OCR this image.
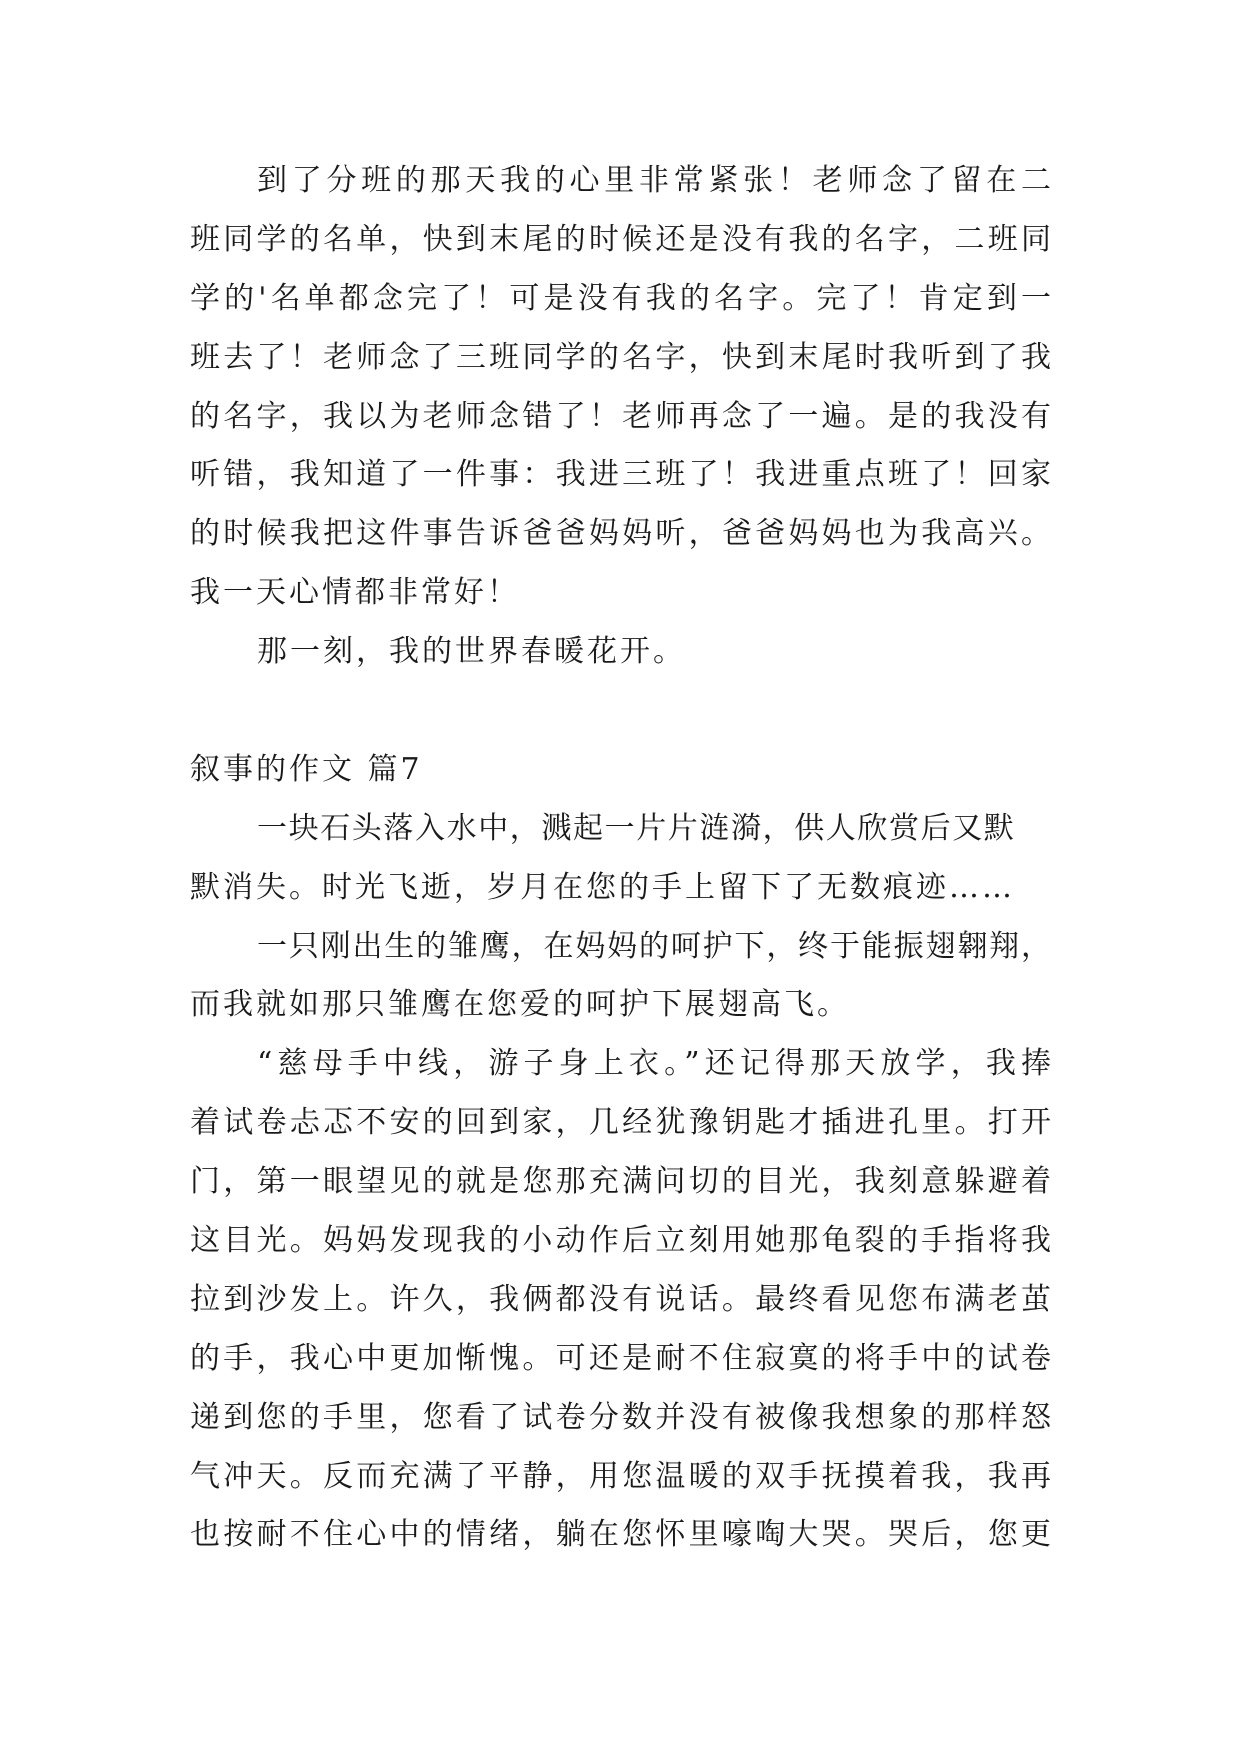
到了分班的那天我的心里非常紧张！老师念了留在二
班同学的名单，快到末尾的时候还是没有我的名字，二班同
学的'名单都念完了！可是没有我的名字。完了！肯定到一
班去了！老师念了三班同学的名字，快到末尾时我听到了我
的名字，我以为老师念错了！老师再念了一遍。是的我没有
听错，我知道了一件事：我进三班了！我进重点班了！回家
的时候我把这件事告诉爸爸妈妈听，爸爸妈妈也为我高兴。
我一天心情都非常好！
那一刻，我的世界春暖花开。
叙事的作文 篇7
一块石头落入水中，溅起一片片涟漪，供人欣赏后又默
默消失。时光飞逝，岁月在您的手上留下了无数痕迹……
一只刚出生的雏鹰，在妈妈的呵护下，终于能振翅翱翔，
而我就如那只雏鹰在您爱的呵护下展翅高飞。
“慈母手中线，游子身上衣。”还记得那天放学，我捧
着试卷忐忑不安的回到家，几经犹豫钥匙才插进孔里。打开
门，第一眼望见的就是您那充满问切的目光，我刻意躲避着
这目光。妈妈发现我的小动作后立刻用她那龟裂的手指将我
拉到沙发上。许久，我俩都没有说话。最终看见您布满老茧
的手，我心中更加惭愧。可还是耐不住寂寞的将手中的试卷
递到您的手里，您看了试卷分数并没有被像我想象的那样怒
气冲天。反而充满了平静，用您温暖的双手抚摸着我，我再
也按耐不住心中的情绪，躺在您怀里嚎啕大哭。哭后，您更
